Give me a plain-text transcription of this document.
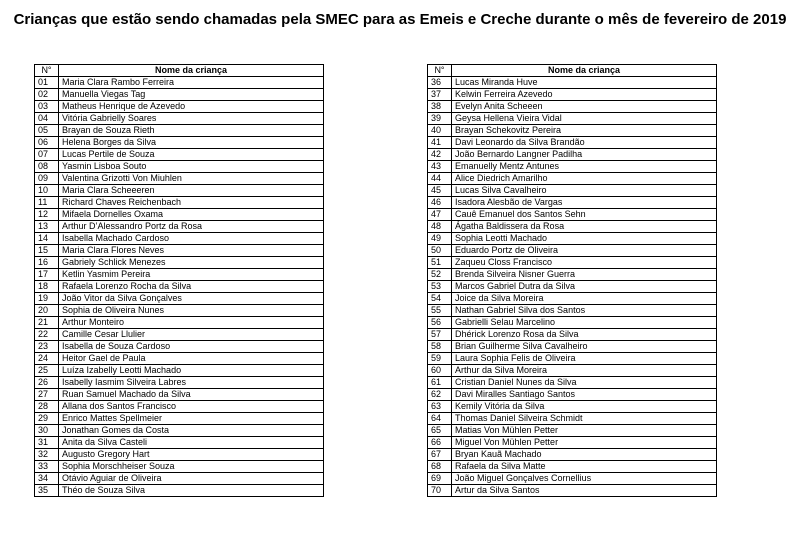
Crianças que estão sendo chamadas pela SMEC para as Emeis e Creche durante o mês de fevereiro de 2019
N°	Nome da criança
01	Maria Clara Rambo Ferreira
02	Manuella Viegas Tag
03	Matheus Henrique de Azevedo
04	Vitória Gabrielly Soares
05	Brayan de Souza Rieth
06	Helena Borges da Silva
07	Lucas Pertile de Souza
08	Yasmin Lisboa Souto
09	Valentina Grizotti Von Miuhlen
10	Maria Clara Scheeeren
11	Richard Chaves Reichenbach
12	Mifaela Dornelles Oxama
13	Arthur D’Alessandro Portz da Rosa
14	Isabella Machado Cardoso
15	Maria Clara Flores Neves
16	Gabriely Schlick Menezes
17	Ketlin Yasmim Pereira
18	Rafaela Lorenzo Rocha da Silva
19	João Vitor da Silva Gonçalves
20	Sophia de Oliveira Nunes
21	Arthur Monteiro
22	Camille Cesar Llulier
23	Isabella de Souza Cardoso
24	Heitor Gael de Paula
25	Luíza Izabelly Leotti Machado
26	Isabelly Iasmim Silveira Labres
27	Ruan Samuel Machado da Silva
28	Allana dos Santos Francisco
29	Enrico Mattes Spellmeier
30	Jonathan Gomes da Costa
31	Anita da Silva Casteli
32	Augusto Gregory Hart
33	Sophia Morschheiser Souza
34	Otávio Aguiar de Oliveira
35	Théo de Souza Silva
N°	Nome da criança
36	Lucas Miranda Huve
37	Kelwin Ferreira Azevedo
38	Evelyn Anita Scheeen
39	Geysa Hellena Vieira Vidal
40	Brayan Schekovitz Pereira
41	Davi Leonardo da Silva Brandão
42	João Bernardo Langner Padilha
43	Emanuelly Mentz Antunes
44	Alice Diedrich Amarilho
45	Lucas Silva Cavalheiro
46	Isadora Alesbão de Vargas
47	Cauê Emanuel dos Santos Sehn
48	Ágatha Baldissera da Rosa
49	Sophia Leotti Machado
50	Eduardo Portz de Oliveira
51	Zaqueu Closs Francisco
52	Brenda Silveira Nisner Guerra
53	Marcos Gabriel Dutra da Silva
54	Joice da Silva Moreira
55	Nathan Gabriel Silva dos Santos
56	Gabrielli Selau Marcelino
57	Dhérick Lorenzo Rosa da Silva
58	Brian Guilherme Silva Cavalheiro
59	Laura Sophia Felis de Oliveira
60	Arthur da Silva Moreira
61	Cristian Daniel Nunes da Silva
62	Davi Miralles Santiago Santos
63	Kemily Vitória da Silva
64	Thomas Daniel Silveira Schmidt
65	Matias Von Mühlen Petter
66	Miguel Von Mühlen Petter
67	Bryan Kauã Machado
68	Rafaela da Silva Matte
69	João Miguel Gonçalves Cornellius
70	Artur da Silva Santos
